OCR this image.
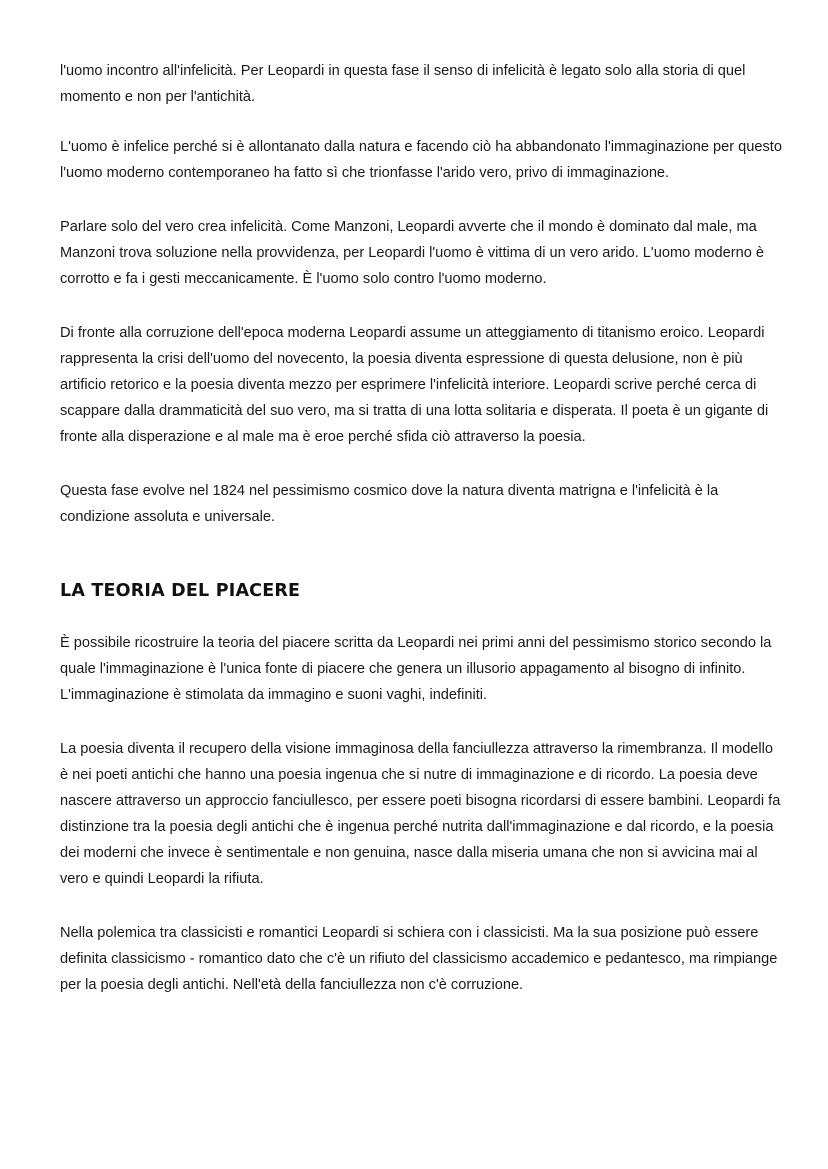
l'uomo incontro all'infelicità. Per Leopardi in questa fase il senso di infelicità è legato solo alla storia di quel momento e non per l'antichità.

L'uomo è infelice perché si è allontanato dalla natura e facendo ciò ha abbandonato l'immaginazione per questo l'uomo moderno contemporaneo ha fatto sì che trionfasse l'arido vero, privo di immaginazione.

Parlare solo del vero crea infelicità. Come Manzoni, Leopardi avverte che il mondo è dominato dal male, ma Manzoni trova soluzione nella provvidenza, per Leopardi l'uomo è vittima di un vero arido. L'uomo moderno è corrotto e fa i gesti meccanicamente. È l'uomo solo contro l'uomo moderno.

Di fronte alla corruzione dell'epoca moderna Leopardi assume un atteggiamento di titanismo eroico. Leopardi rappresenta la crisi dell'uomo del novecento, la poesia diventa espressione di questa delusione, non è più artificio retorico e la poesia diventa mezzo per esprimere l'infelicità interiore. Leopardi scrive perché cerca di scappare dalla drammaticità del suo vero, ma si tratta di una lotta solitaria e disperata. Il poeta è un gigante di fronte alla disperazione e al male ma è eroe perché sfida ciò attraverso la poesia.

Questa fase evolve nel 1824 nel pessimismo cosmico dove la natura diventa matrigna e l'infelicità è la condizione assoluta e universale.

LA TEORIA DEL PIACERE

È possibile ricostruire la teoria del piacere scritta da Leopardi nei primi anni del pessimismo storico secondo la quale l'immaginazione è l'unica fonte di piacere che genera un illusorio appagamento al bisogno di infinito. L'immaginazione è stimolata da immagino e suoni vaghi, indefiniti.

La poesia diventa il recupero della visione immaginosa della fanciullezza attraverso la rimembranza. Il modello è nei poeti antichi che hanno una poesia ingenua che si nutre di immaginazione e di ricordo. La poesia deve nascere attraverso un approccio fanciullesco, per essere poeti bisogna ricordarsi di essere bambini. Leopardi fa distinzione tra la poesia degli antichi che è ingenua perché nutrita dall'immaginazione e dal ricordo, e la poesia dei moderni che invece è sentimentale e non genuina, nasce dalla miseria umana che non si avvicina mai al vero e quindi Leopardi la rifiuta.

Nella polemica tra classicisti e romantici Leopardi si schiera con i classicisti. Ma la sua posizione può essere definita classicismo - romantico dato che c'è un rifiuto del classicismo accademico e pedantesco, ma rimpiange per la poesia degli antichi. Nell'età della fanciullezza non c'è corruzione.
